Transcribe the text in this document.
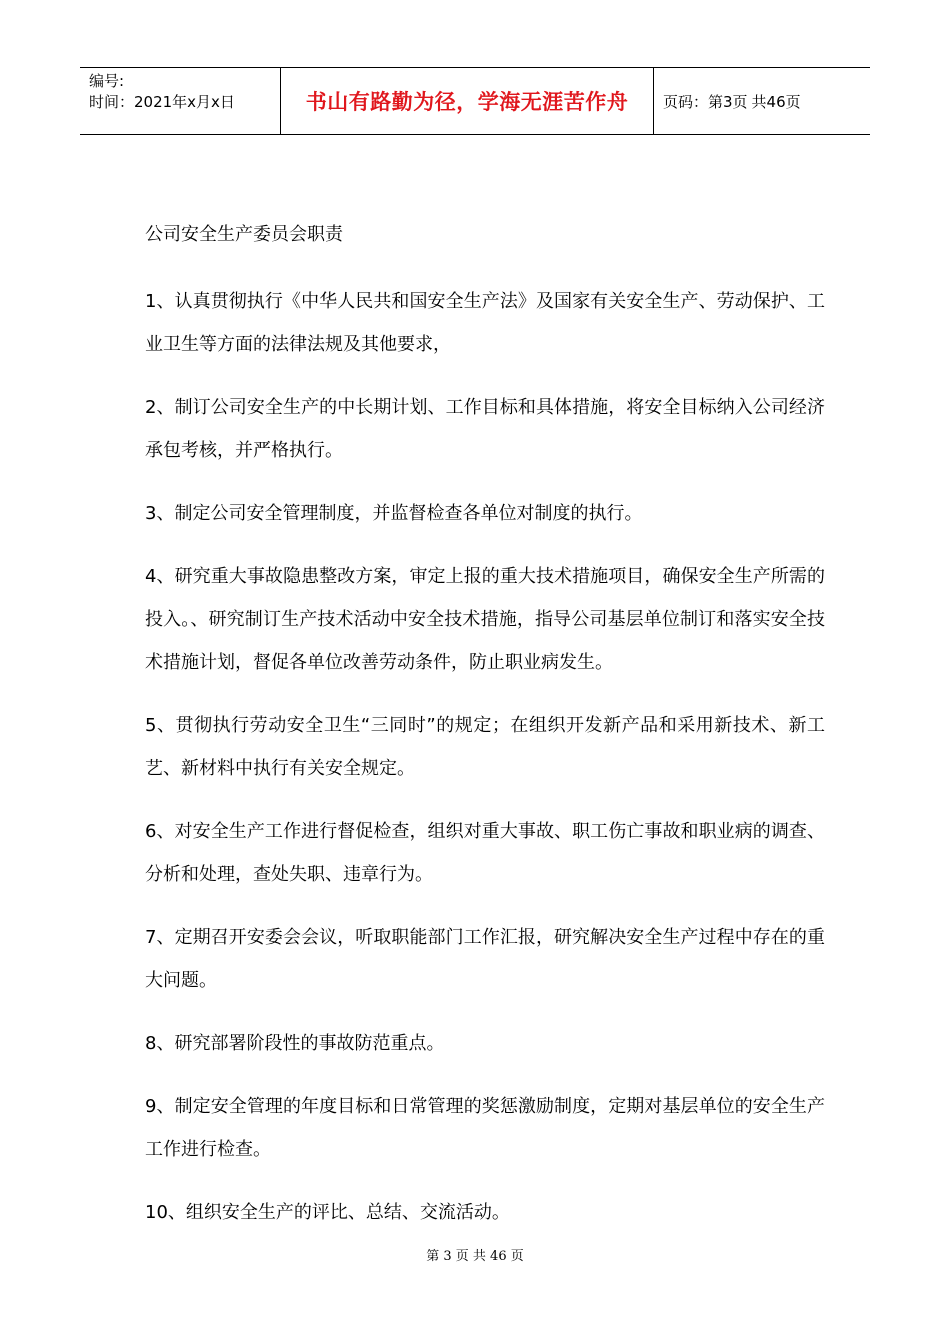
编号:
时间：2021年x月x日	书山有路勤为径，学海无涯苦作舟	页码：第3页 共46页
公司安全生产委员会职责
1、认真贯彻执行《中华人民共和国安全生产法》及国家有关安全生产、劳动保护、工业卫生等方面的法律法规及其他要求，
2、制订公司安全生产的中长期计划、工作目标和具体措施，将安全目标纳入公司经济承包考核，并严格执行。
3、制定公司安全管理制度，并监督检查各单位对制度的执行。
4、研究重大事故隐患整改方案，审定上报的重大技术措施项目，确保安全生产所需的投入。、研究制订生产技术活动中安全技术措施，指导公司基层单位制订和落实安全技术措施计划，督促各单位改善劳动条件，防止职业病发生。
5、贯彻执行劳动安全卫生“三同时”的规定；在组织开发新产品和采用新技术、新工艺、新材料中执行有关安全规定。
6、对安全生产工作进行督促检查，组织对重大事故、职工伤亡事故和职业病的调查、分析和处理，查处失职、违章行为。
7、定期召开安委会会议，听取职能部门工作汇报，研究解决安全生产过程中存在的重大问题。
8、研究部署阶段性的事故防范重点。
9、制定安全管理的年度目标和日常管理的奖惩激励制度，定期对基层单位的安全生产工作进行检查。
10、组织安全生产的评比、总结、交流活动。
第 3 页 共 46 页
